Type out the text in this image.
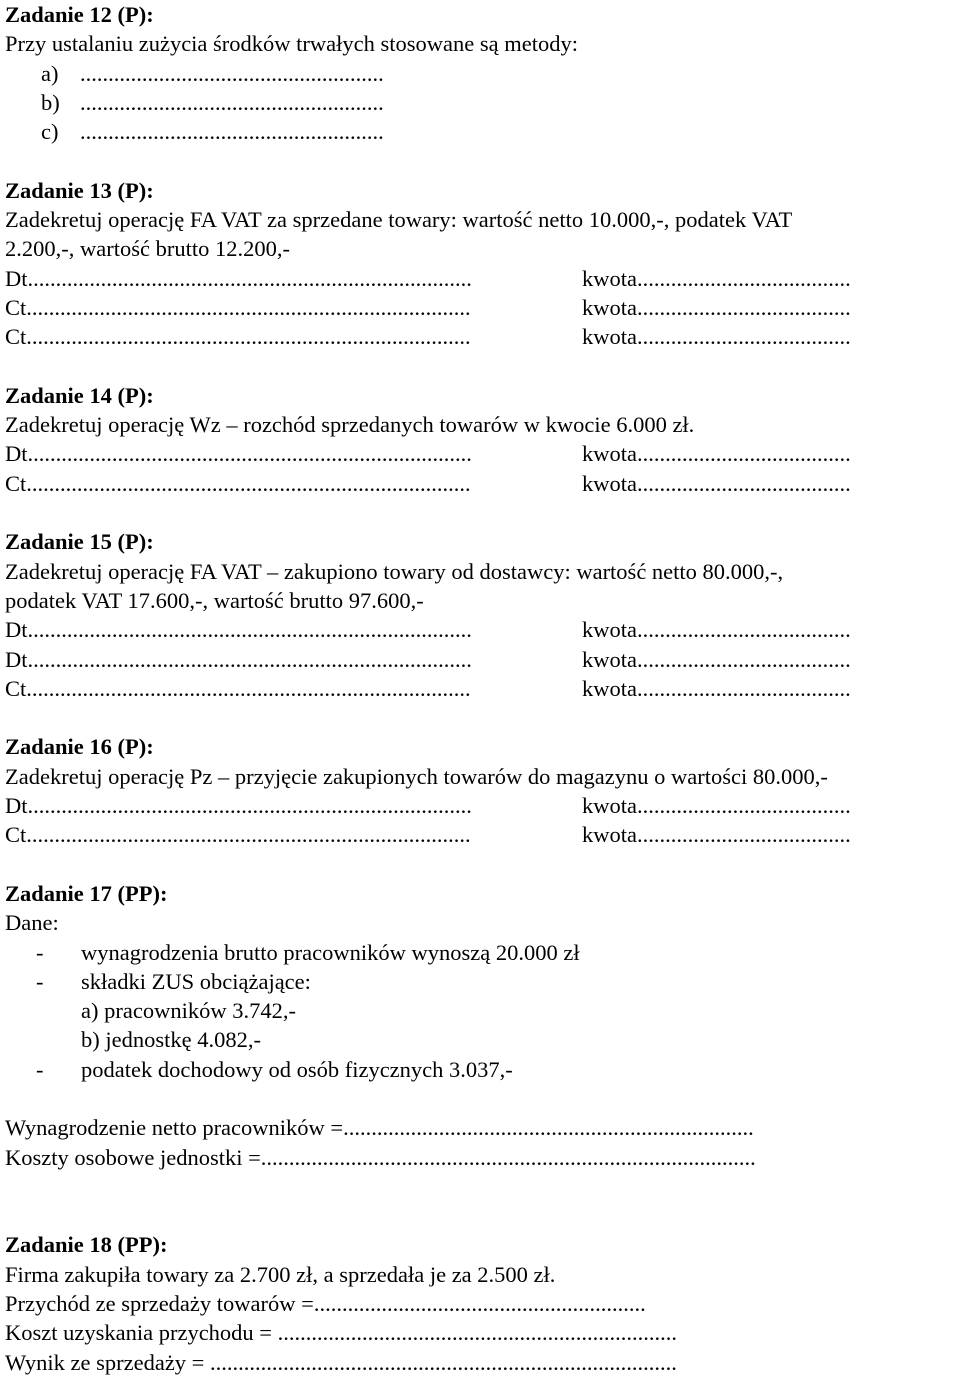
Zadanie 12 (P):
Przy ustalaniu zużycia środków trwałych stosowane są metody:
a) ......................................................
b) ......................................................
c) ......................................................
Zadanie 13 (P):
Zadekretuj operację FA VAT za sprzedane towary: wartość netto 10.000,-, podatek VAT
2.200,-, wartość brutto 12.200,-
Dt...............................................................................	kwota......................................
Ct...............................................................................	kwota......................................
Ct...............................................................................	kwota......................................
Zadanie 14 (P):
Zadekretuj operację Wz – rozchód sprzedanych towarów w kwocie 6.000 zł.
Dt...............................................................................	kwota......................................
Ct...............................................................................	kwota......................................
Zadanie 15 (P):
Zadekretuj operację FA VAT – zakupiono towary od dostawcy: wartość netto 80.000,-,
podatek VAT 17.600,-, wartość brutto 97.600,-
Dt...............................................................................	kwota......................................
Dt...............................................................................	kwota......................................
Ct...............................................................................	kwota......................................
Zadanie 16 (P):
Zadekretuj operację Pz – przyjęcie zakupionych towarów do magazynu o wartości 80.000,-
Dt...............................................................................	kwota......................................
Ct...............................................................................	kwota......................................
Zadanie 17 (PP):
Dane:
- wynagrodzenia brutto pracowników wynoszą 20.000 zł
- składki ZUS obciążające:
a) pracowników 3.742,-
b) jednostkę 4.082,-
- podatek dochodowy od osób fizycznych 3.037,-
Wynagrodzenie netto pracowników =.........................................................................
Koszty osobowe jednostki =........................................................................................
Zadanie 18 (PP):
Firma zakupiła towary za 2.700 zł, a sprzedała je za 2.500 zł.
Przychód ze sprzedaży towarów =...........................................................
Koszt uzyskania przychodu = .......................................................................
Wynik ze sprzedaży = ...................................................................................
